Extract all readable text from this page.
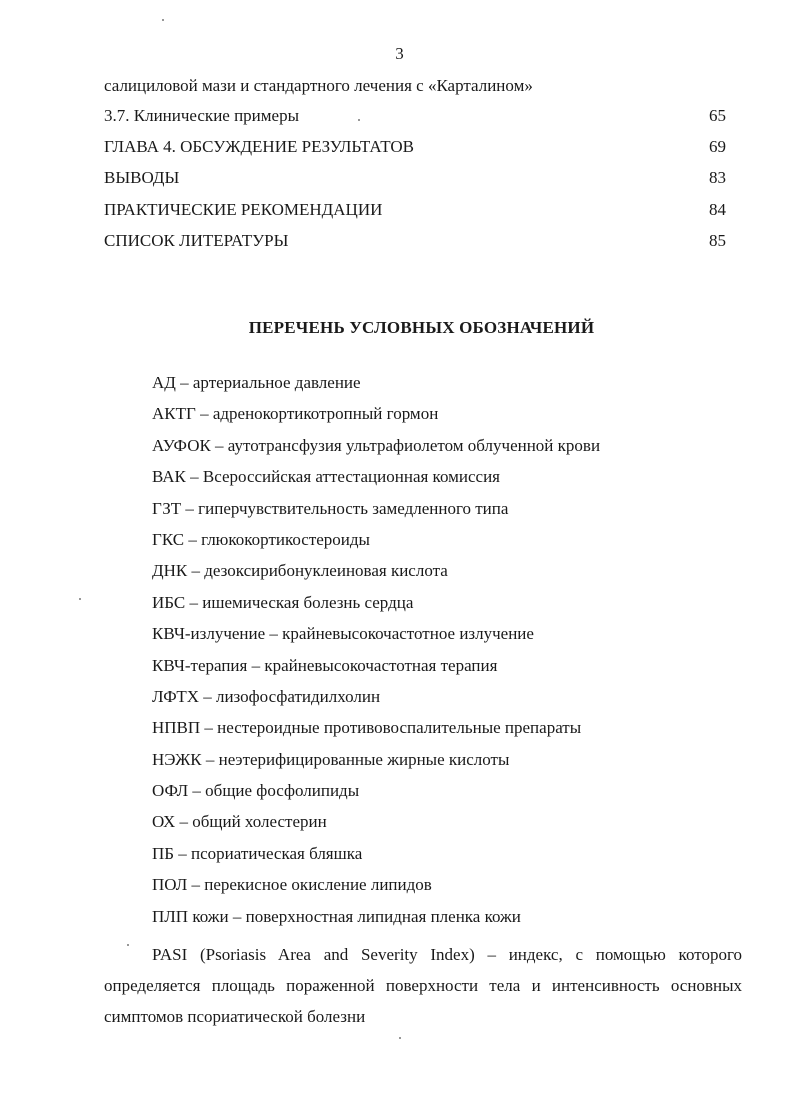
3
салициловой мази и стандартного лечения с «Карталином»
3.7. Клинические примеры	65
ГЛАВА 4. ОБСУЖДЕНИЕ РЕЗУЛЬТАТОВ	69
ВЫВОДЫ	83
ПРАКТИЧЕСКИЕ РЕКОМЕНДАЦИИ	84
СПИСОК ЛИТЕРАТУРЫ	85
ПЕРЕЧЕНЬ УСЛОВНЫХ ОБОЗНАЧЕНИЙ
АД – артериальное давление
АКТГ – адренокортикотропный гормон
АУФОК – аутотрансфузия ультрафиолетом облученной крови
ВАК – Всероссийская аттестационная комиссия
ГЗТ – гиперчувствительность замедленного типа
ГКС – глюкокортикостероиды
ДНК – дезоксирибонуклеиновая кислота
ИБС – ишемическая болезнь сердца
КВЧ-излучение – крайневысокочастотное излучение
КВЧ-терапия – крайневысокочастотная терапия
ЛФТХ – лизофосфатидилхолин
НПВП – нестероидные противовоспалительные препараты
НЭЖК – неэтерифицированные жирные кислоты
ОФЛ – общие фосфолипиды
ОХ – общий холестерин
ПБ – псориатическая бляшка
ПОЛ – перекисное окисление липидов
ПЛП кожи – поверхностная липидная пленка кожи

PASI (Psoriasis Area and Severity Index) – индекс, с помощью которого определяется площадь пораженной поверхности тела и интенсивность основных симптомов псориатической болезни
